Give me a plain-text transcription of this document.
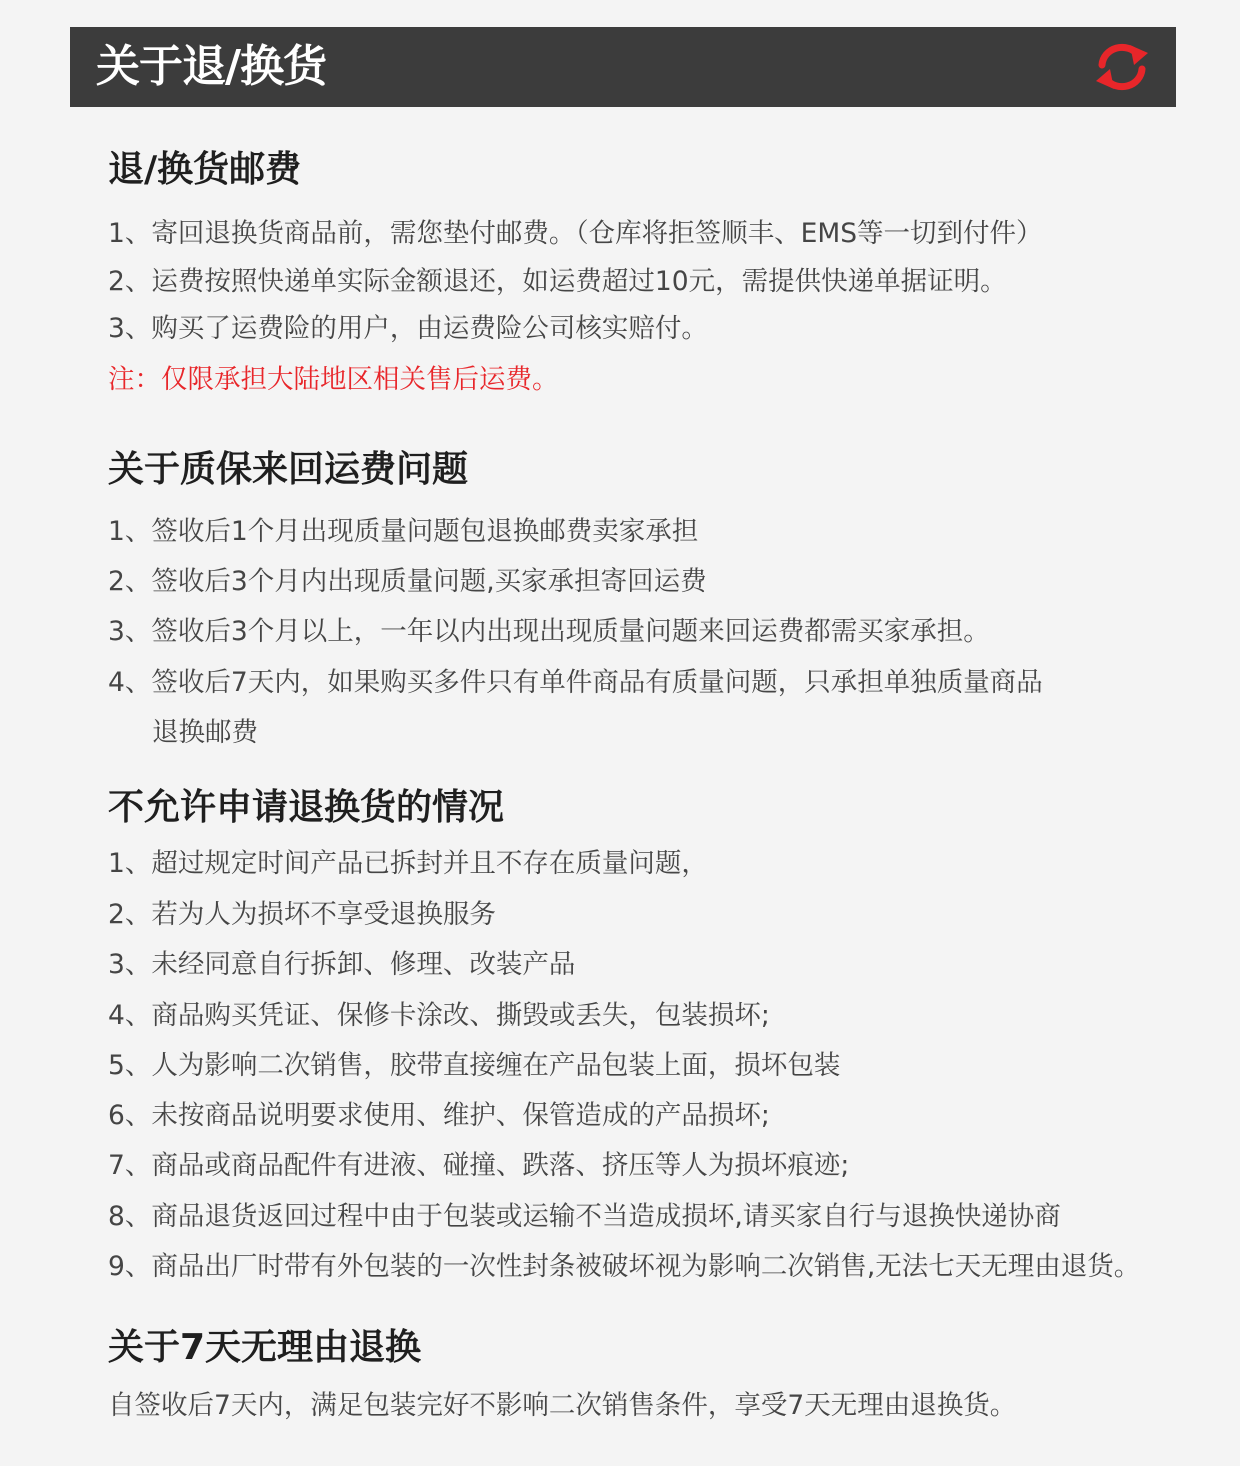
关于退/换货
退/换货邮费
1、寄回退换货商品前，需您垫付邮费。（仓库将拒签顺丰、EMS等一切到付件）
2、运费按照快递单实际金额退还，如运费超过10元，需提供快递单据证明。
3、购买了运费险的用户，由运费险公司核实赔付。
注：仅限承担大陆地区相关售后运费。
关于质保来回运费问题
1、签收后1个月出现质量问题包退换邮费卖家承担
2、签收后3个月内出现质量问题,买家承担寄回运费
3、签收后3个月以上，一年以内出现出现质量问题来回运费都需买家承担。
4、签收后7天内，如果购买多件只有单件商品有质量问题，只承担单独质量商品
退换邮费
不允许申请退换货的情况
1、超过规定时间产品已拆封并且不存在质量问题，
2、若为人为损坏不享受退换服务
3、未经同意自行拆卸、修理、改装产品
4、商品购买凭证、保修卡涂改、撕毁或丢失，包装损坏;
5、人为影响二次销售，胶带直接缠在产品包装上面，损坏包装
6、未按商品说明要求使用、维护、保管造成的产品损坏;
7、商品或商品配件有进液、碰撞、跌落、挤压等人为损坏痕迹;
8、商品退货返回过程中由于包装或运输不当造成损坏,请买家自行与退换快递协商
9、商品出厂时带有外包装的一次性封条被破坏视为影响二次销售,无法七天无理由退货。
关于7天无理由退换
自签收后7天内，满足包装完好不影响二次销售条件，享受7天无理由退换货。
